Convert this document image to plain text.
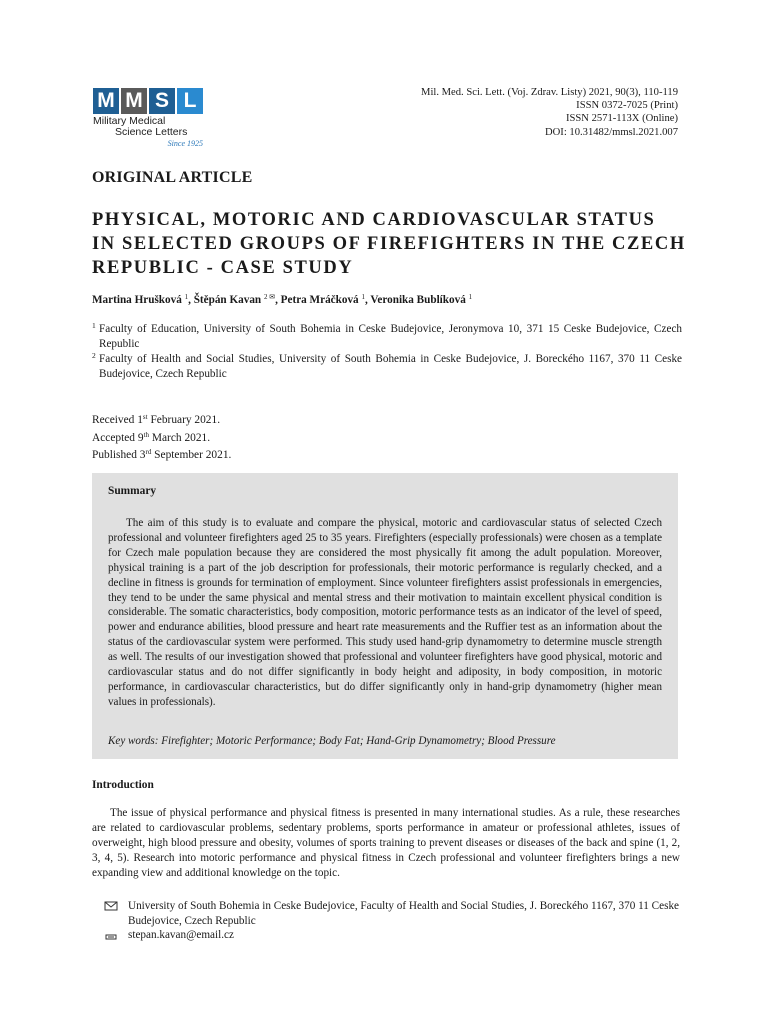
M M S L
Military Medical
Science Letters
Since 1925
Mil. Med. Sci. Lett. (Voj. Zdrav. Listy) 2021, 90(3), 110-119
ISSN 0372-7025 (Print)
ISSN 2571-113X (Online)
DOI: 10.31482/mmsl.2021.007
ORIGINAL ARTICLE
PHYSICAL, MOTORIC AND CARDIOVASCULAR STATUS
IN SELECTED GROUPS OF FIREFIGHTERS IN THE CZECH
REPUBLIC - CASE STUDY
Martina Hrušková $^1$, Štěpán Kavan $^{2 ✉}$, Petra Mráčková $^1$, Veronika Bublíková $^1$
1 Faculty of Education, University of South Bohemia in Ceske Budejovice, Jeronymova 10, 371 15 Ceske Budejovice, Czech Republic
2 Faculty of Health and Social Studies, University of South Bohemia in Ceske Budejovice, J. Boreckého 1167, 370 11 Ceske Budejovice, Czech Republic
Received 1st February 2021.
Accepted 9th March 2021.
Published 3rd September 2021.
Summary
The aim of this study is to evaluate and compare the physical, motoric and cardiovascular status of selected Czech professional and volunteer firefighters aged 25 to 35 years. Firefighters (especially professionals) were chosen as a template for Czech male population because they are considered the most physically fit among the adult population. Moreover, physical training is a part of the job description for professionals, their motoric performance is regularly checked, and a decline in fitness is grounds for termination of employment. Since volunteer firefighters assist professionals in emergencies, they tend to be under the same physical and mental stress and their motivation to maintain excellent physical condition is considerable. The somatic characteristics, body composition, motoric performance tests as an indicator of the level of speed, power and endurance abilities, blood pressure and heart rate measurements and the Ruffier test as an information about the status of the cardiovascular system were performed. This study used hand-grip dynamometry to determine muscle strength as well. The results of our investigation showed that professional and volunteer firefighters have good physical, motoric and cardiovascular status and do not differ significantly in body height and adiposity, in body composition, in motoric performance, in cardiovascular characteristics, but do differ significantly only in hand-grip dynamometry (higher mean values in professionals).
Key words: Firefighter; Motoric Performance; Body Fat; Hand-Grip Dynamometry; Blood Pressure
Introduction
The issue of physical performance and physical fitness is presented in many international studies. As a rule, these researches are related to cardiovascular problems, sedentary problems, sports performance in amateur or professional athletes, issues of overweight, high blood pressure and obesity, volumes of sports training to prevent diseases or diseases of the back and spine (1, 2, 3, 4, 5). Research into motoric performance and physical fitness in Czech professional and volunteer firefighters brings a new expanding view and additional knowledge on the topic.
University of South Bohemia in Ceske Budejovice, Faculty of Health and Social Studies, J. Boreckého 1167, 370 11 Ceske Budejovice, Czech Republic
stepan.kavan@email.cz
